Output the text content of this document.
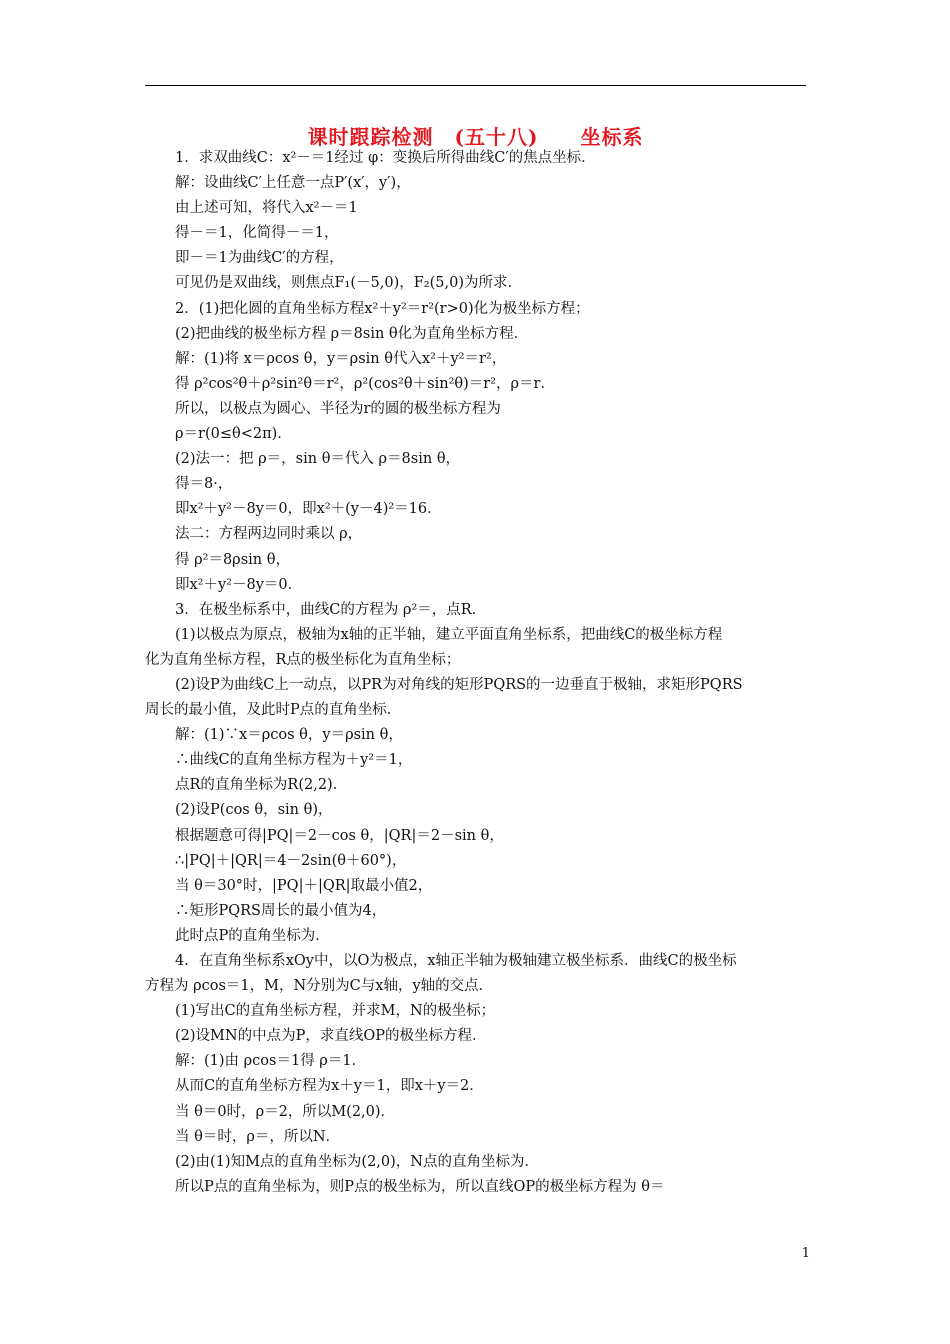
课时跟踪检测　(五十八)　　坐标系
1．求双曲线C：x²－＝1经过 φ：变换后所得曲线C′的焦点坐标．
解：设曲线C′上任意一点P′(x′，y′)，
由上述可知，将代入x²－＝1
得－＝1，化简得－＝1，
即－＝1为曲线C′的方程，
可见仍是双曲线，则焦点F₁(－5,0)，F₂(5,0)为所求．
2．(1)把化圆的直角坐标方程x²＋y²＝r²(r>0)化为极坐标方程；
(2)把曲线的极坐标方程 ρ＝8sin θ化为直角坐标方程．
解：(1)将 x＝ρcos θ，y＝ρsin θ代入x²＋y²＝r²，
得 ρ²cos²θ＋ρ²sin²θ＝r²，ρ²(cos²θ＋sin²θ)＝r²，ρ＝r．
所以，以极点为圆心、半径为r的圆的极坐标方程为
ρ＝r(0≤θ<2π)．
(2)法一：把 ρ＝，sin θ＝代入 ρ＝8sin θ，
得＝8·，
即x²＋y²－8y＝0，即x²＋(y－4)²＝16．
法二：方程两边同时乘以 ρ，
得 ρ²＝8ρsin θ，
即x²＋y²－8y＝0．
3．在极坐标系中，曲线C的方程为 ρ²＝，点R．
(1)以极点为原点，极轴为x轴的正半轴，建立平面直角坐标系，把曲线C的极坐标方程
化为直角坐标方程，R点的极坐标化为直角坐标；
(2)设P为曲线C上一动点，以PR为对角线的矩形PQRS的一边垂直于极轴，求矩形PQRS
周长的最小值，及此时P点的直角坐标．
解：(1)∵x＝ρcos θ，y＝ρsin θ，
∴曲线C的直角坐标方程为＋y²＝1，
点R的直角坐标为R(2,2)．
(2)设P(cos θ，sin θ)，
根据题意可得|PQ|＝2－cos θ，|QR|＝2－sin θ，
∴|PQ|＋|QR|＝4－2sin(θ＋60°)，
当 θ＝30°时，|PQ|＋|QR|取最小值2，
∴矩形PQRS周长的最小值为4，
此时点P的直角坐标为．
4．在直角坐标系xOy中，以O为极点，x轴正半轴为极轴建立极坐标系．曲线C的极坐标
方程为 ρcos＝1，M，N分别为C与x轴，y轴的交点．
(1)写出C的直角坐标方程，并求M，N的极坐标；
(2)设MN的中点为P，求直线OP的极坐标方程．
解：(1)由 ρcos＝1得 ρ＝1．
从而C的直角坐标方程为x＋y＝1，即x＋y＝2．
当 θ＝0时，ρ＝2，所以M(2,0)．
当 θ＝时，ρ＝，所以N．
(2)由(1)知M点的直角坐标为(2,0)，N点的直角坐标为．
所以P点的直角坐标为，则P点的极坐标为，所以直线OP的极坐标方程为 θ＝
1
